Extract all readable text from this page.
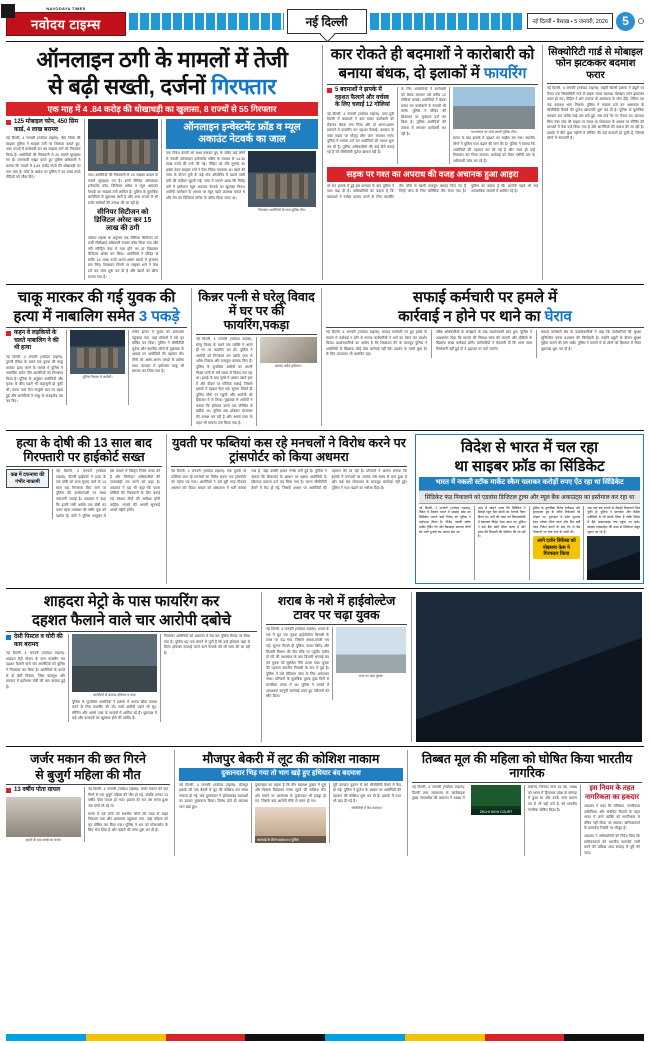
NAVODAYA TIMES
नवोदय टाइम्स	नई दिल्ली	नई दिल्ली • बैसाख • 5 जनवरी, 2026	5
ऑनलाइन ठगी के मामलों में तेजी
से बढ़ी सख्ती, दर्जनों गिरफ्तार
एक माह में 4 .84 करोड़ की धोखाधड़ी का खुलासा, 8 राज्यों से 55 गिरफ्तार
125 मोबाइल फोन, 450 सिम कार्ड, 4 लाख बरामद
नई दिल्ली, 4 जनवरी (नवोदय टाइम्स): वेस्ट जिला की साइबर पुलिस ने साइबर ठगी पर शिकंजा कसते हुए, आठ राज्यों में छापेमारी कर 55 साइबर ठगों को गिरफ्तार किया है। आरोपियों की गिरफ्तारी से 20 मामले सुलझाए गए हैं। जानकारी साझा करते हुए पुलिस अधिकारी ने बताया कि मामले में 4.84 करोड़ रुपये की धोखाधड़ी का पता चला है। कोर्ट के आदेश पर पुलिस ने 39 लाख रुपये पीड़ितों को लौटा दिए।	गया। आरोपियों की गिरफ्तारी से 20 साइबर क्राइम के मामले सुलझाए गए हैं। इनमें सिविल ऑनलाइन इन्वेस्टमेंट फ्रॉड, डिजिटल अरेस्ट व म्यूल अकाउंट नेटवर्क का साइबर ठगी शामिल है। पुलिस के मुताबिक आरोपियों से पूछताछ जारी है और अन्य राज्यों में भी उनके साथियों की तलाश की जा रही है।
सीनियर सिटीजन को डिजिटल अरेस्ट कर 15 लाख की ठगी
नवोदय टाइम्स के अनुसार एक सीनियर सिटीजन को फर्जी सीबीआई अधिकारी बनकर कॉल किया गया और मनी लॉन्ड्रिंग केस में नाम होने का डर दिखाकर डिजिटल अरेस्ट कर लिया। आरोपियों ने पीड़ित से करीब 15 लाख रुपये अलग-अलग खातों में ट्रांसफर करा लिए। शिकायत मिलने पर साइबर थाने ने केस दर्ज कर जांच शुरू कर दी है और खातों को फ्रीज कराया गया है।
ऑनलाइन इन्वेस्टमेंट फ्रॉड व म्यूल अकाउंट नेटवर्क का जाल
एक निवेश कंपनी को लक्ष्य बनाकर ग्रुप के जरिए कई लोगों से नकली ऑनलाइन इन्वेस्टमेंट स्कीम के माध्यम से 14.35 लाख रुपये की ठगी की गई। पीड़ित को मोटे मुनाफे का झांसा देकर साइबर ठगों ने पैसा निवेश करवाया था। खाते की जांच के दौरान यूपी के कई गांव ऑपरेटिव में खातों वाली ठगी की कड़ियां जुड़ती गईं। जांच में सामने आया कि गिरोह ठगी में इस्तेमाल म्यूल अकाउंट नेटवर्क का खुलासा किया। आरोपी कमीशन के आधार पर म्यूल खाते उपलब्ध कराते थे और लेन-देन डिजिटल वॉलेट के जरिए किया जाता था।
गिरफ्तार आरोपियों के साथ पुलिस टीम।
कार रोकते ही बदमाशों ने कारोबारी को
बनाया बंधक, दो इलाकों में फायरिंग
5 बदमाशों ने झपके में दहशत फैलाने और वर्चस्व के लिए चलाईं 12 गोलियां
नई दिल्ली, 4 जनवरी (नवोदय टाइम्स): उत्तर-पूर्वी दिल्ली में बदमाशों ने कार सवार कारोबारी को रोककर बंधक बना लिया और दो अलग-अलग इलाकों में फायरिंग कर दहशत फैलाई। वारदात के वक्त सड़क पर मौजूद लोग जान बचाकर भागे। पुलिस ने मामला दर्ज कर आरोपियों की तलाश शुरू कर दी है। पुलिस अधिकारियों की कई टीमें बनाई गई हैं जो सीसीटीवी फुटेज खंगाल रही हैं।
के लिए अपराधियों ने कारोबारी को बंधक बनाकर उसे करीब 12 गोलियां चलाईं। आरोपियों ने बंधक बनाए गए कारोबारी से रंगदारी भी मांगी। पुलिस ने पीड़ित की शिकायत पर मुकदमा दर्ज कर लिया है। पुलिस आरोपियों की तलाश में लगातार छापेमारी कर रही है।	घटनास्थल पर जांच करती पुलिस टीम।
घटना के बाद इलाके में दहशत का माहौल बन गया। स्थानीय लोगों ने पुलिस गश्त बढ़ाने की मांग की है। पुलिस ने बताया कि आरोपियों की पहचान कर ली गई है और जल्द ही उन्हें गिरफ्तार कर लिया जाएगा। कार्रवाई को लेकर एसीपी स्तर के अधिकारी जांच कर रहे हैं।
सड़क पर गश्त का अपराध की वजह अचानक हुआ आइरा
देर रात इलाके में हुई इस वारदात के बाद पुलिस ने गश्त बढ़ा दी है। अधिकारियों का कहना है कि बदमाशों ने वर्चस्व कायम करने के लिए फायरिंग की। मौके से खाली कारतूस बरामद किए गए हैं जिन्हें जांच के लिए फोरेंसिक लैब भेजा गया है। पुलिस का कहना है कि आरोपी पहले भी कई आपराधिक मामलों में शामिल रहे हैं।
सिक्योरिटी गार्ड से मोबाइल फोन झटककर बदमाश फरार
नई दिल्ली, 4 जनवरी (नवोदय टाइम्स): बाहरी दिल्ली इलाके में ड्यूटी पर तैनात एक सिक्योरिटी गार्ड से बाइक सवार बदमाश मोबाइल फोन झपटकर फरार हो गए। पीड़ित ने शोर मचाया तो आसपास के लोग दौड़े, लेकिन तब तक बदमाश भाग निकले। पुलिस ने मामला दर्ज कर आसपास के सीसीटीवी कैमरों की फुटेज खंगालनी शुरू कर दी है। पुलिस के मुताबिक वारदात रात करीब साढ़े दस बजे हुई, जब गार्ड गेट पर तैनात था। बदमाश बिना नंबर प्लेट की बाइक पर सवार थे। शिकायत के आधार पर स्नैचिंग की धाराओं में केस दर्ज किया गया है और आरोपियों की तलाश की जा रही है। इलाके में बीते कुछ महीनों में स्नैचिंग की कई वारदातें हो चुकी हैं, जिससे लोगों में नाराजगी है।
चाकू मारकर की गई युवक की
हत्या में नाबालिग समेत 3 पकड़े
कहन वे लड़कियों के चलते नाबालिग ने की थी हत्या
नई दिल्ली, 4 जनवरी (नवोदय टाइम्स): पुरानी रंजिश के चलते एक युवक की चाकू मारकर हत्या करने के मामले में पुलिस ने नाबालिग समेत तीन आरोपियों को गिरफ्तार किया है। पुलिस के अनुसार आरोपियों और मृतक के बीच पहले भी कहासुनी हो चुकी थी। घटना वाले दिन मामूली बात पर बहस हुई और आरोपियों ने चाकू से ताबड़तोड़ वार कर दिए।
पुलिस गिरफ्त में आरोपी।
गंभीर हालत में युवक को अस्पताल पहुंचाया गया, जहां डॉक्टरों ने उसे मृत घोषित कर दिया। पुलिस ने सीसीटीवी फुटेज और स्थानीय लोगों से पूछताछ के आधार पर आरोपियों की पहचान की। तीनों को अलग-अलग जगहों से दबोचा गया। वारदात में इस्तेमाल चाकू भी बरामद कर लिया गया है।
किन्नर पत्नी से घरेलू विवाद में घर पर की फायरिंग,पकड़ा
नई दिल्ली, 4 जनवरी (नवोदय टाइम्स): घरेलू विवाद के चलते एक व्यक्ति ने अपने ही घर पर फायरिंग कर दी। पुलिस ने आरोपी को गिरफ्तार कर उसके पास से अवैध पिस्टल और कारतूस बरामद किए हैं। पुलिस के मुताबिक आरोपी का अपनी किन्नर पत्नी से लंबे समय से विवाद चल रहा था। झगड़े के बाद गुस्से में आकर उसने हवा में और दीवार पर गोलियां चलाईं, जिससे इलाके में दहशत फैल गई। सूचना मिलते ही पुलिस मौके पर पहुंची और आरोपी को हिरासत में ले लिया। पूछताछ में आरोपी ने बताया कि हथियार उसने एक परिचित से खरीदा था। पुलिस अब हथियार सप्लायर की तलाश कर रही है और आर्म्स एक्ट के तहत भी मामला दर्ज किया गया है।
बरामद अवैध हथियार।
सफाई कर्मचारी पर हमले में
कार्रवाई न होने पर थाने का घेराव
नई दिल्ली, 4 जनवरी (नवोदय टाइम्स): सफाई कर्मचारी पर हुए हमले के मामले में कार्रवाई न होने से नाराज कर्मचारियों ने थाने का घेराव कर प्रदर्शन किया। प्रदर्शनकारियों का आरोप है कि शिकायत देने के बावजूद पुलिस ने आरोपियों के खिलाफ कोई ठोस कार्रवाई नहीं की। प्रदर्शन के चलते कुछ देर के लिए यातायात भी प्रभावित रहा।
वरिष्ठ अधिकारियों के समझाने के बाद प्रदर्शनकारी शांत हुए। पुलिस ने आश्वासन दिया कि मामले की निष्पक्ष जांच की जाएगी और दोषियों के खिलाफ सख्त कार्रवाई होगी। कर्मचारियों ने चेतावनी दी कि अगर जल्द गिरफ्तारी नहीं हुई तो वे हड़ताल पर चले जाएंगे।
सफाई कर्मचारी संघ के पदाधिकारियों ने कहा कि कर्मचारियों की सुरक्षा सुनिश्चित करना प्रशासन की जिम्मेदारी है। उन्होंने ड्यूटी के दौरान सुरक्षा मुहैया कराने की मांग रखी। पुलिस ने मामले में दो लोगों को हिरासत में लेकर पूछताछ शुरू कर दी है।
हत्या के दोषी की 13 साल बाद गिरफ्तारी पर हाईकोर्ट सख्त
कब्र में दफनाया की गंभीर नाकामी
नई दिल्ली, 4 जनवरी (नवोदय टाइम्स): दिल्ली हाईकोर्ट ने हत्या के एक दोषी को सजा सुनाए जाने के 13 साल बाद गिरफ्तार किए जाने पर पुलिस की कार्यप्रणाली पर सख्त नाराजगी जताई है। अदालत ने कहा कि इतनी लंबी अवधि तक दोषी का फरार रहना व्यवस्था की गंभीर चूक को दर्शाता है। कोर्ट ने पुलिस आयुक्त से इस मामले में विस्तृत रिपोर्ट तलब की है और जिम्मेदार अधिकारियों की जवाबदेही तय करने को कहा है। अदालत ने यह भी कहा कि फरार दोषियों की गिरफ्तारी के लिए बनाई गई स्पेशल टीमों की समीक्षा होनी चाहिए। मामले की अगली सुनवाई अगले महीने होगी।
युवती पर फब्तियां कस रहे मनचलों ने विरोध करने पर ट्रांसपोर्टर को किया अधमरा
नई दिल्ली, 4 जनवरी (नवोदय टाइम्स): एक युवती पर फब्तियां कस रहे मनचलों का विरोध करना एक ट्रांसपोर्टर को महंगा पड़ गया। आरोपियों ने उसे बुरी तरह पीटकर अधमरा कर दिया। घायल को अस्पताल में भर्ती कराया गया है, जहां उसकी हालत गंभीर बनी हुई है। पुलिस ने बताया कि शिकायत के आधार पर अज्ञात आरोपियों के खिलाफ मामला दर्ज कर लिया गया है। घटना सीसीटीवी कैमरे में कैद हो गई, जिसके आधार पर आरोपियों की पहचान की जा रही है। परिजनों ने आरोप लगाया कि इलाके में मनचलों का आतंक लंबे समय से बना हुआ है और कई बार शिकायत के बावजूद कार्रवाई नहीं हुई। पुलिस ने गश्त बढ़ाने का भरोसा दिया है।
विदेश से भारत में चल रहा
था साइबर फ्रॉड का सिंडिकेट
भारत में नकली स्टॉक मार्केट स्कैम चलाकर करोड़ों रुपए ऐंठ रहा था सिंडिकेट
सिंडिकेट फंड निकालने को एडवांस डिजिटल टूल्स और म्यूल बैंक अकाउंट्स का इस्तेमाल कर रहा था
नई दिल्ली, 4 जनवरी (नवोदय टाइम्स): विदेश में बैठकर भारत में साइबर फ्रॉड का सिंडिकेट चलाने वाले गिरोह का पुलिस ने पर्दाफाश किया है। गिरोह नकली स्टॉक मार्केट ट्रेडिंग ऐप और वेबसाइट बनाकर लोगों को भारी मुनाफे का लालच देता था।
जांच में सामने आया कि सिंडिकेट ने सैकड़ों म्यूल बैंक खातों का नेटवर्क तैयार किया था। ठगी की रकम को क्रिप्टोकरेंसी में बदलकर विदेश भेजा जाता था। पुलिस ने कई बैंक खाते फ्रीज कराए हैं और रकम की रिकवरी की कोशिश की जा रही है।
पुलिस के मुताबिक गिरोह टेलीग्राम और व्हाट्सएप ग्रुप के जरिए निवेशकों को जोड़ता था। शुरुआत में छोटा मुनाफा देकर भरोसा जीता जाता और फिर बड़ी रकम निवेश कराने के बाद ऐप से पैसे निकालने पर रोक लगा दी जाती थी।
आगे दर्जन डिफेंस्ड को नोइसमा केस ने गिरफ्तार किया
अब तक कई राज्यों से सैकड़ों शिकायतें मिल चुकी हैं। पुलिस ने इंटरपोल और केंद्रीय एजेंसियों से भी संपर्क किया है ताकि विदेश में बैठे मास्टरमाइंड तक पहुंचा जा सके। साइबर एक्सपर्ट्स की मदद से डिजिटल सबूत जुटाए जा रहे हैं।
शाहदरा मेट्रो के पास फायरिंग कर
दहशत फैलाने वाले चार आरोपी दबोचे
देसी पिस्टल व चोरी की कार बरामद
नई दिल्ली, 4 जनवरी (नवोदय टाइम्स): शाहदरा मेट्रो स्टेशन के पास फायरिंग कर दहशत फैलाने वाले चार आरोपियों को पुलिस ने गिरफ्तार कर लिया है। आरोपियों के कब्जे से दो देसी पिस्टल, जिंदा कारतूस और वारदात में इस्तेमाल चोरी की कार बरामद हुई है।
आरोपियों से बरामद हथियार व कार।
पुलिस के मुताबिक आरोपियों ने इलाके में अपना खौफ कायम करने के लिए फायरिंग की थी। सभी आरोपी पहले भी लूट, स्नैचिंग और आर्म्स एक्ट के मामलों में शामिल रहे हैं। पूछताछ में कई और वारदातों का खुलासा होने की उम्मीद है।
गिरफ्तार आरोपियों को अदालत में पेश कर पुलिस रिमांड पर लिया गया है। पुलिस यह पता लगाने में जुटी है कि उन्हें हथियार कहां से मिले। हथियार सप्लाई करने वाले नेटवर्क की भी जांच की जा रही है।
शराब के नशे में हाईवोल्टेज टावर पर चढ़ा युवक
नई दिल्ली, 4 जनवरी (नवोदय टाइम्स): शराब के नशे में धुत एक युवक हाईवोल्टेज बिजली के टावर पर चढ़ गया, जिससे अफरा-तफरी मच गई। सूचना मिलते ही पुलिस, फायर ब्रिगेड और बिजली विभाग की टीम मौके पर पहुंची। करीब दो घंटे की मशक्कत के बाद बिजली सप्लाई बंद कर युवक को सुरक्षित नीचे उतारा गया। युवक की पहचान स्थानीय निवासी के रूप में हुई है। पुलिस ने उसे मेडिकल जांच के लिए अस्पताल भेजा। परिजनों के मुताबिक युवक कुछ दिनों से मानसिक तनाव में था। पुलिस ने मामले में आवश्यक कानूनी कार्रवाई करते हुए परिजनों को सौंप दिया।
टावर पर चढ़ा युवक।
जर्जर मकान की छत गिरने
से बुजुर्ग महिला की मौत
13 वर्षीय पोता घायल
हादसे के बाद मलबे का मंजर।
नई दिल्ली, 4 जनवरी (नवोदय टाइम्स): जर्जर मकान की छत गिरने से एक बुजुर्ग महिला की मौत हो गई, जबकि उनका 13 वर्षीय पोता घायल हो गया। हादसा देर रात उस समय हुआ जब दोनों सो रहे थे।
मलबे में दबे दोनों को स्थानीय लोगों की मदद से बाहर निकाला गया और अस्पताल पहुंचाया गया, जहां महिला को मृत घोषित कर दिया गया। पुलिस ने शव को पोस्टमार्टम के लिए भेज दिया है और मामले की जांच शुरू कर दी है।
मौजपुर बेकरी में लूट की कोशिश नाकाम
दुकानदार भिड़ गया तो भाग खड़े हुए हथियार बंद बदमाश
नई दिल्ली, 4 जनवरी (नवोदय टाइम्स): मौजपुर इलाके की एक बेकरी में लूट की कोशिश उस समय नाकाम हो गई, जब दुकानदार ने हथियारबंद बदमाशों का डटकर मुकाबला किया। विरोध होते ही बदमाश भाग खड़े हुए।
दुकानदार का कहना है कि तीन बदमाश दुकान में घुसे और पिस्टल दिखाकर गल्ला लूटने की कोशिश की। शोर मचाने पर आसपास के दुकानदार भी इकट्ठा हो गए, जिसके बाद आरोपी मौके से फरार हो गए।
कारवाई के दौरान बदमाश व पुलिस
पूरी वारदात दुकान में लगे सीसीटीवी कैमरे में कैद हो गई। पुलिस ने फुटेज के आधार पर आरोपियों की पहचान की कोशिश शुरू कर दी है। इलाके में गश्त भी बढ़ा दी गई है।
सीसीटीवी में कैद बदमाश।
तिब्बत मूल की महिला को घोषित किया भारतीय नागरिक
नई दिल्ली, 4 जनवरी (नवोदय टाइम्स): दिल्ली उच्च न्यायालय के कार्यवाहक मुख्य न्यायाधीश की अदालत ने 1966 में
DELHI HIGH COURT
सर्वोच्च, जिनका जन्म 15 मई, 1966 को भारत में हिमाचल प्रदेश के कांगड़ा में हुआ था और उनके जन्म प्रमाण पत्र में भी यही दर्ज है, को भारतीय नागरिक घोषित किया है।
इस नियम के तहत नागरिकता का हकदार
अदालत ने कहा कि संविधान, नागरिकता अधिनियम और संबंधित नियमों के तहत भारत में जन्मे व्यक्ति को नागरिकता से वंचित नहीं किया जा सकता। याचिकाकर्ता के दस्तावेज रिकॉर्ड पर मौजूद हैं।
अदालत ने अधिकारियों को निर्देश दिया कि याचिकाकर्ता को भारतीय पासपोर्ट जारी करने की प्रक्रिया आठ सप्ताह में पूरी की जाए।
